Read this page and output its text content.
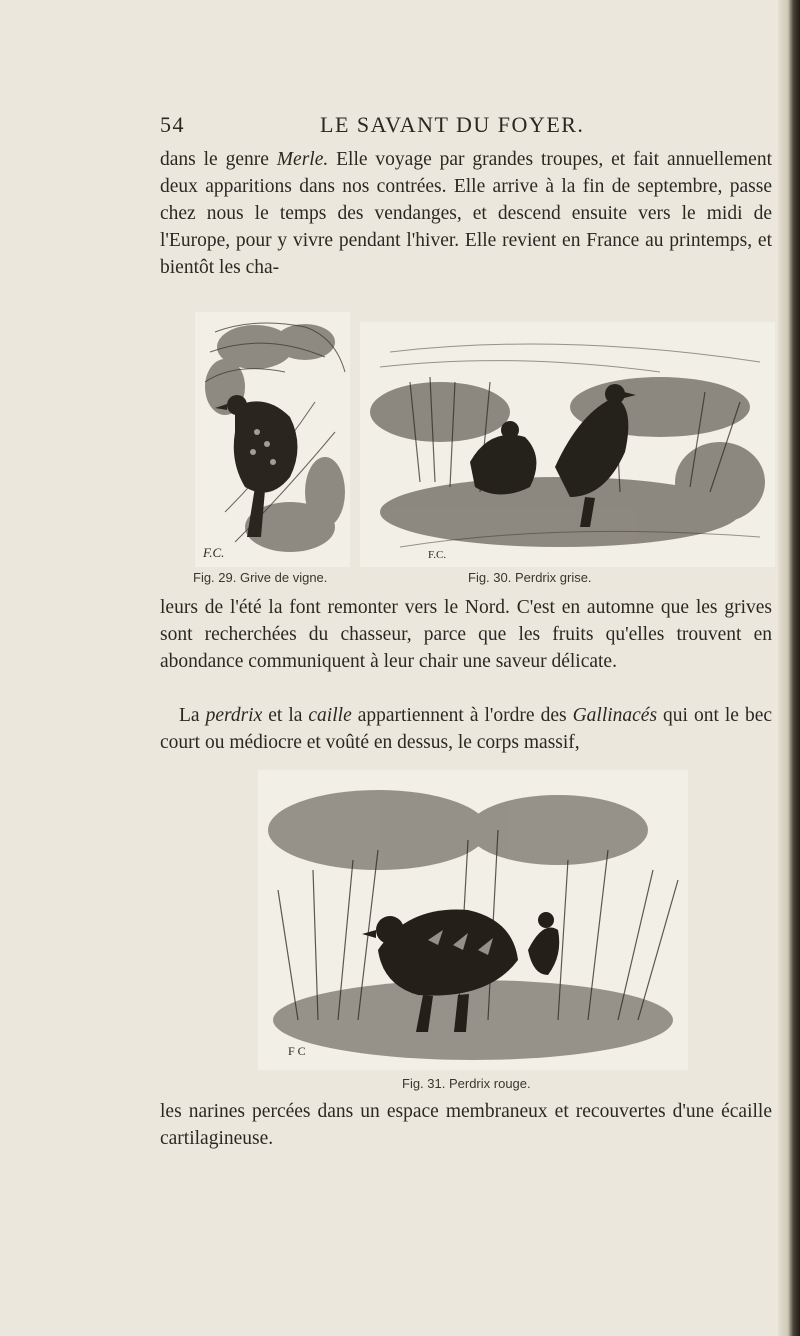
54	LE SAVANT DU FOYER.

dans le genre Merle. Elle voyage par grandes troupes, et fait annuellement deux apparitions dans nos contrées. Elle arrive à la fin de septembre, passe chez nous le temps des vendanges, et descend ensuite vers le midi de l'Europe, pour y vivre pendant l'hiver. Elle revient en France au printemps, et bientôt les cha-

F.C.	F.C.
Fig. 29. Grive de vigne.	Fig. 30. Perdrix grise.

leurs de l'été la font remonter vers le Nord. C'est en automne que les grives sont recherchées du chasseur, parce que les fruits qu'elles trouvent en abondance communiquent à leur chair une saveur délicate.

La perdrix et la caille appartiennent à l'ordre des Gallinacés qui ont le bec court ou médiocre et voûté en dessus, le corps massif,

F C
Fig. 31. Perdrix rouge.

les narines percées dans un espace membraneux et recouvertes d'une écaille cartilagineuse.
